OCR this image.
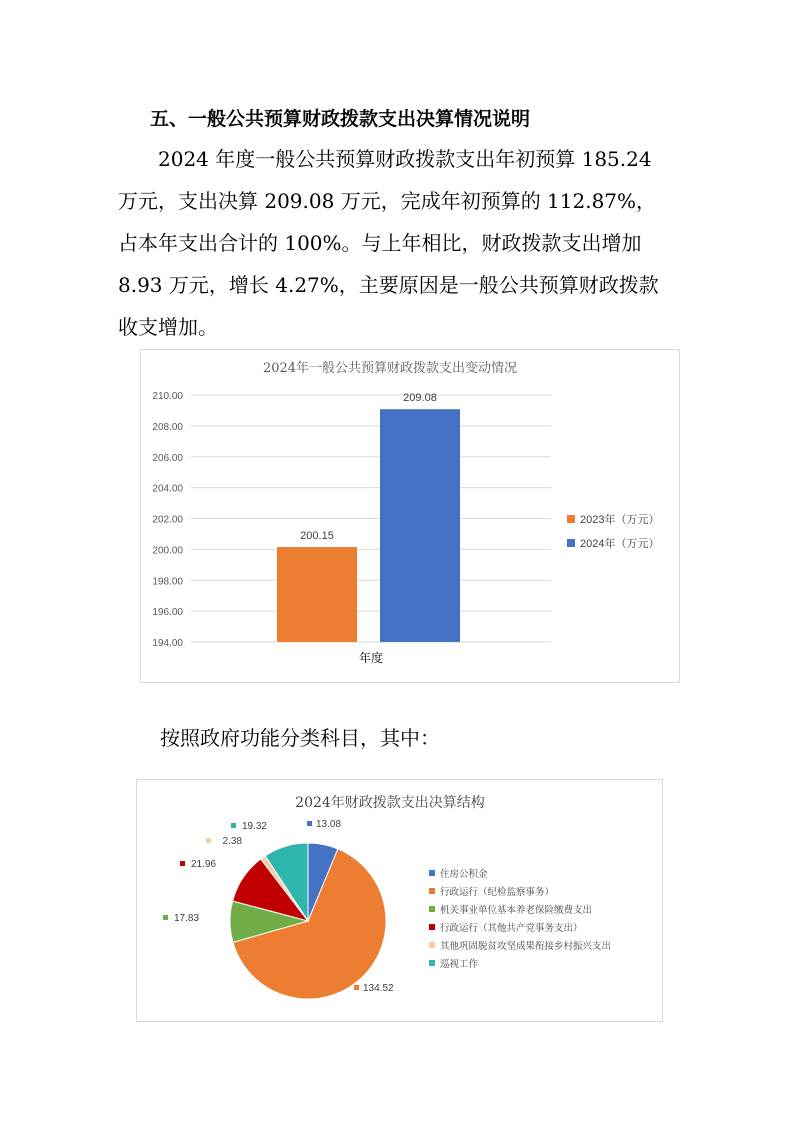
五、一般公共预算财政拨款支出决算情况说明
2024 年度一般公共预算财政拨款支出年初预算 185.24 万元，支出决算 209.08 万元，完成年初预算的 112.87%，占本年支出合计的 100%。与上年相比，财政拨款支出增加 8.93 万元，增长 4.27%，主要原因是一般公共预算财政拨款收支增加。
2024年一般公共预算财政拨款支出变动情况
194.00
196.00
198.00
200.00
202.00
204.00
206.00
208.00
210.00
200.15
209.08
年度
2023年（万元）
2024年（万元）
按照政府功能分类科目，其中：
2024年财政拨款支出决算结构
13.08
134.52
17.83
21.96
2.38
19.32
住房公积金
行政运行（纪检监察事务）
机关事业单位基本养老保险缴费支出
行政运行（其他共产党事务支出）
其他巩固脱贫攻坚成果衔接乡村振兴支出
巡视工作
